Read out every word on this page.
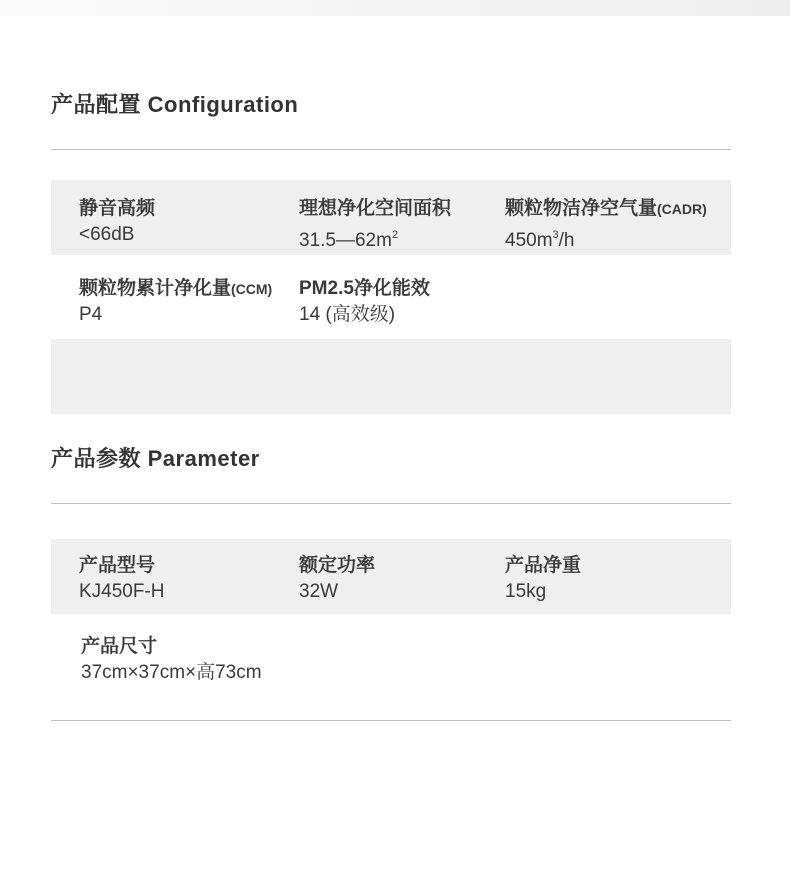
产品配置 Configuration
静音高频
<66dB
理想净化空间面积
$31.5—62m^2$
颗粒物洁净空气量(CADR)
$450m^3/h$
颗粒物累计净化量(CCM)
P4
PM2.5净化能效
14 (高效级)
产品参数 Parameter
产品型号
KJ450F-H
额定功率
32W
产品净重
15kg
产品尺寸
37cm×37cm×高73cm
